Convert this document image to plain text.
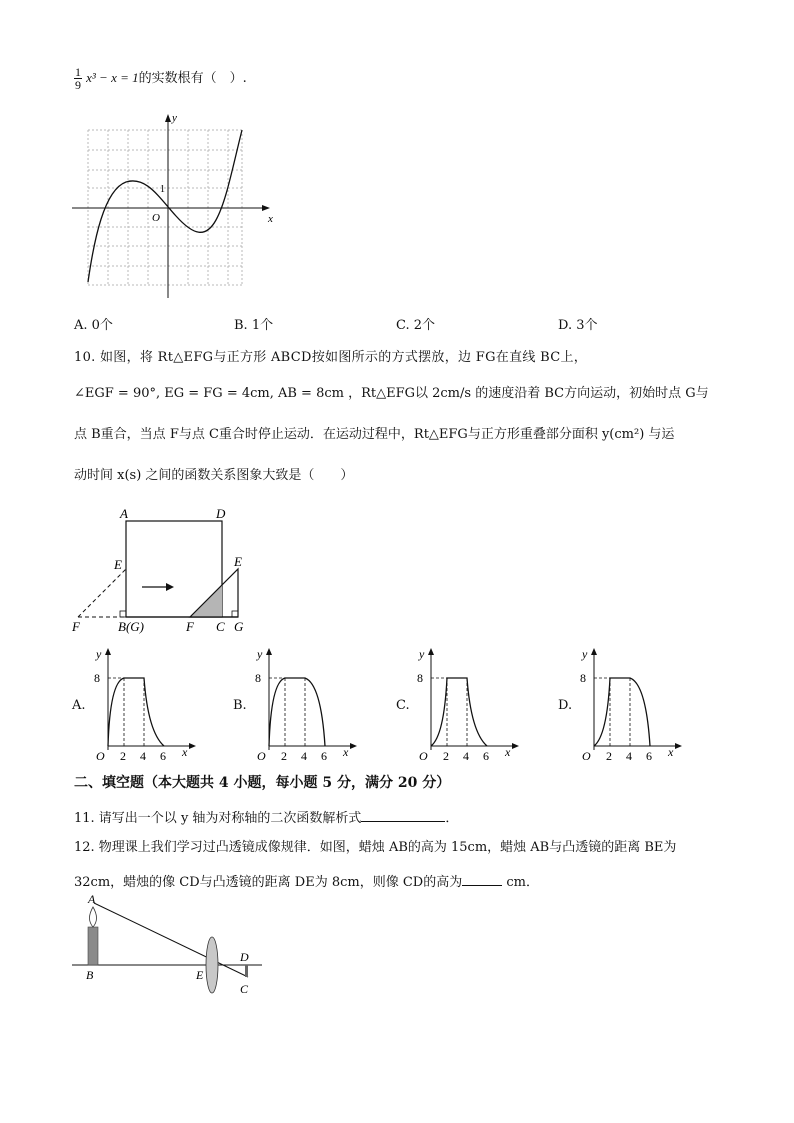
$\frac{1}{9} x^3 - x = 1$的实数根有（　）.
y
x
O
1
A. 0个	B. 1个	C. 2个	D. 3个
10. 如图，将 Rt△EFG与正方形 ABCD按如图所示的方式摆放，边 FG在直线 BC上，
∠EGF = 90°, EG = FG = 4cm, AB = 8cm ，Rt△EFG以 2cm/s 的速度沿着 BC方向运动，初始时点 G与
点 B重合，当点 F与点 C重合时停止运动．在运动过程中，Rt△EFG与正方形重叠部分面积 y(cm²) 与运
动时间 x(s) 之间的函数关系图象大致是（　　）
A	D
E	E
F	B(G)	F C G
A.	B.	C.	D.
y
8
O 2 4 6 x
y
8
O 2 4 6 x
y
8
O 2 4 6 x
y
8
O 2 4 6 x
二、填空题（本大题共 4 小题，每小题 5 分，满分 20 分）
11. 请写出一个以 y 轴为对称轴的二次函数解析式	．
12. 物理课上我们学习过凸透镜成像规律．如图，蜡烛 AB的高为 15cm，蜡烛 AB与凸透镜的距离 BE为
32cm，蜡烛的像 CD与凸透镜的距离 DE为 8cm，则像 CD的高为	cm．
A
B	E
D
C
